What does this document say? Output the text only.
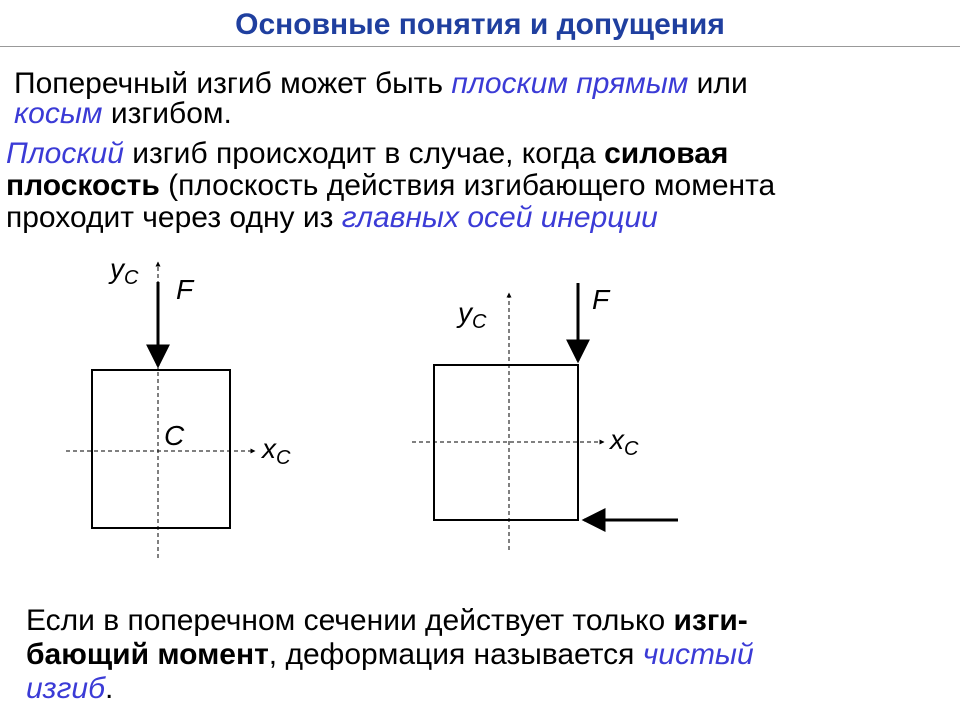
Основные понятия и допущения
Поперечный изгиб может быть плоским прямым или
косым изгибом.
Плоский изгиб происходит в случае, когда силовая
плоскость (плоскость действия изгибающего момента
проходит через одну из главных осей инерции
$y_C$ F
C	$x_C$
$y_C$
F
$x_C$
Если в поперечном сечении действует только изги-
бающий момент, деформация называется чистый
изгиб.
